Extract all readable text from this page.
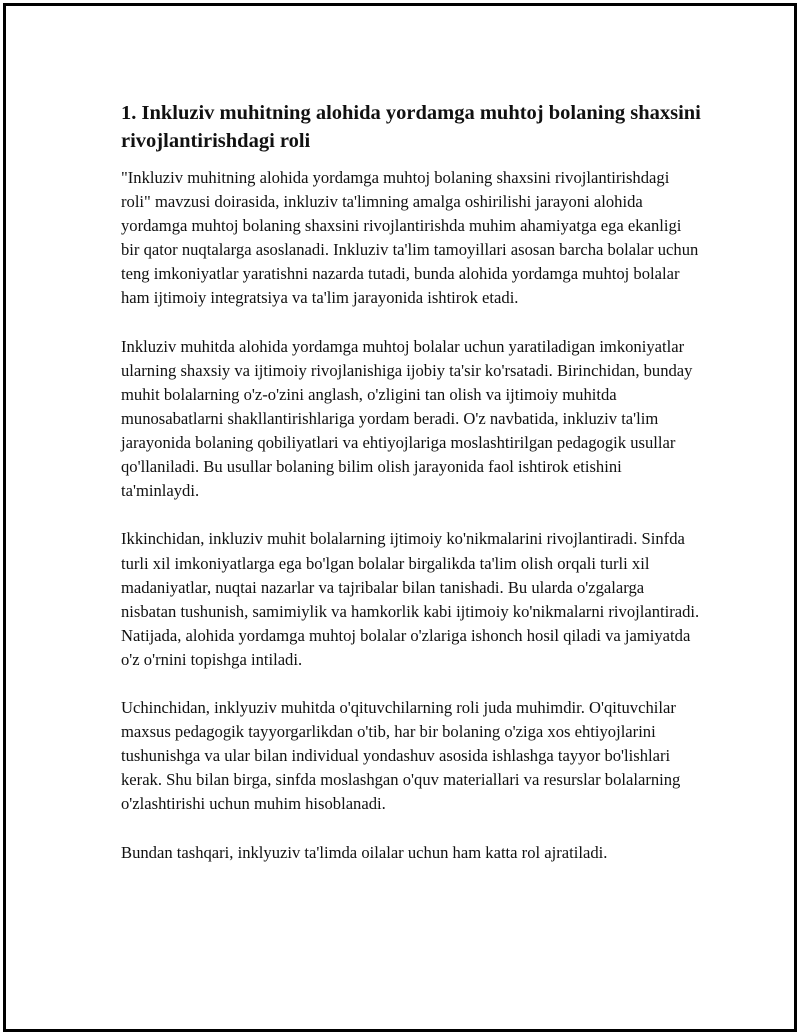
1. Inkluziv muhitning alohida yordamga muhtoj bolaning shaxsini rivojlantirishdagi roli

"Inkluziv muhitning alohida yordamga muhtoj bolaning shaxsini rivojlantirishdagi roli" mavzusi doirasida, inkluziv ta'limning amalga oshirilishi jarayoni alohida yordamga muhtoj bolaning shaxsini rivojlantirishda muhim ahamiyatga ega ekanligi bir qator nuqtalarga asoslanadi. Inkluziv ta'lim tamoyillari asosan barcha bolalar uchun teng imkoniyatlar yaratishni nazarda tutadi, bunda alohida yordamga muhtoj bolalar ham ijtimoiy integratsiya va ta'lim jarayonida ishtirok etadi.

Inkluziv muhitda alohida yordamga muhtoj bolalar uchun yaratiladigan imkoniyatlar ularning shaxsiy va ijtimoiy rivojlanishiga ijobiy ta'sir ko'rsatadi. Birinchidan, bunday muhit bolalarning o'z-o'zini anglash, o'zligini tan olish va ijtimoiy muhitda munosabatlarni shakllantirishlariga yordam beradi. O'z navbatida, inkluziv ta'lim jarayonida bolaning qobiliyatlari va ehtiyojlariga moslashtirilgan pedagogik usullar qo'llaniladi. Bu usullar bolaning bilim olish jarayonida faol ishtirok etishini ta'minlaydi.

Ikkinchidan, inkluziv muhit bolalarning ijtimoiy ko'nikmalarini rivojlantiradi. Sinfda turli xil imkoniyatlarga ega bo'lgan bolalar birgalikda ta'lim olish orqali turli xil madaniyatlar, nuqtai nazarlar va tajribalar bilan tanishadi. Bu ularda o'zgalarga nisbatan tushunish, samimiylik va hamkorlik kabi ijtimoiy ko'nikmalarni rivojlantiradi. Natijada, alohida yordamga muhtoj bolalar o'zlariga ishonch hosil qiladi va jamiyatda o'z o'rnini topishga intiladi.

Uchinchidan, inklyuziv muhitda o'qituvchilarning roli juda muhimdir. O'qituvchilar maxsus pedagogik tayyorgarlikdan o'tib, har bir bolaning o'ziga xos ehtiyojlarini tushunishga va ular bilan individual yondashuv asosida ishlashga tayyor bo'lishlari kerak. Shu bilan birga, sinfda moslashgan o'quv materiallari va resurslar bolalarning o'zlashtirishi uchun muhim hisoblanadi.

Bundan tashqari, inklyuziv ta'limda oilalar uchun ham katta rol ajratiladi.
